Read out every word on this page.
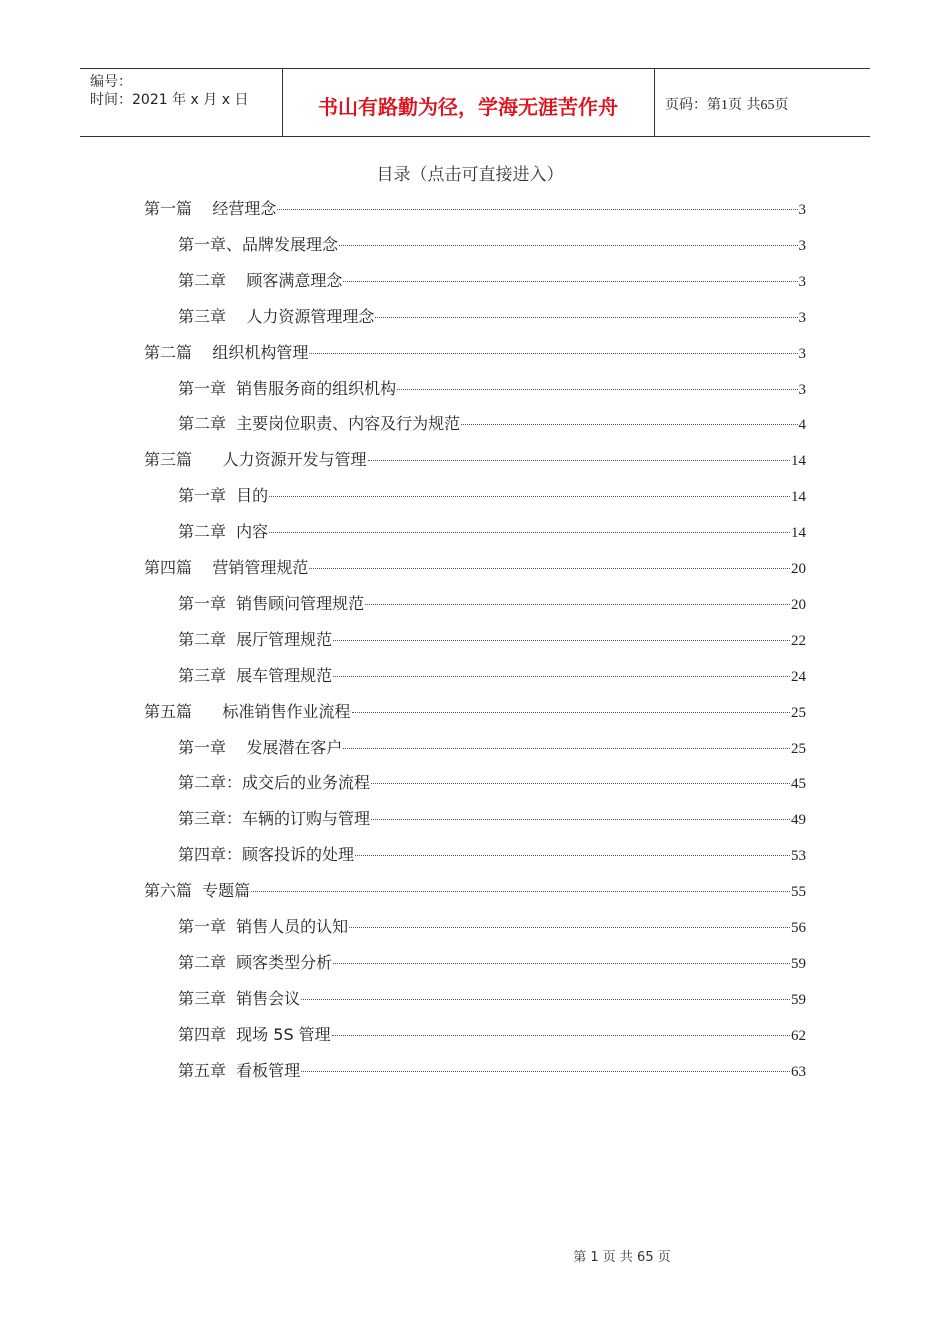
编号：
时间：2021 年 x 月 x 日	书山有路勤为径，学海无涯苦作舟	页码：第1页 共65页
目录（点击可直接进入）
第一篇    经营理念	3
第一章、品牌发展理念	3
第二章    顾客满意理念	3
第三章    人力资源管理理念	3
第二篇    组织机构管理	3
第一章  销售服务商的组织机构	3
第二章  主要岗位职责、内容及行为规范	4
第三篇      人力资源开发与管理	14
第一章  目的	14
第二章  内容	14
第四篇    营销管理规范	20
第一章  销售顾问管理规范	20
第二章  展厅管理规范	22
第三章  展车管理规范	24
第五篇      标准销售作业流程	25
第一章    发展潜在客户	25
第二章：成交后的业务流程	45
第三章：车辆的订购与管理	49
第四章：顾客投诉的处理	53
第六篇  专题篇	55
第一章  销售人员的认知	56
第二章  顾客类型分析	59
第三章  销售会议	59
第四章  现场 5S 管理	62
第五章  看板管理	63
第 1 页 共 65 页
